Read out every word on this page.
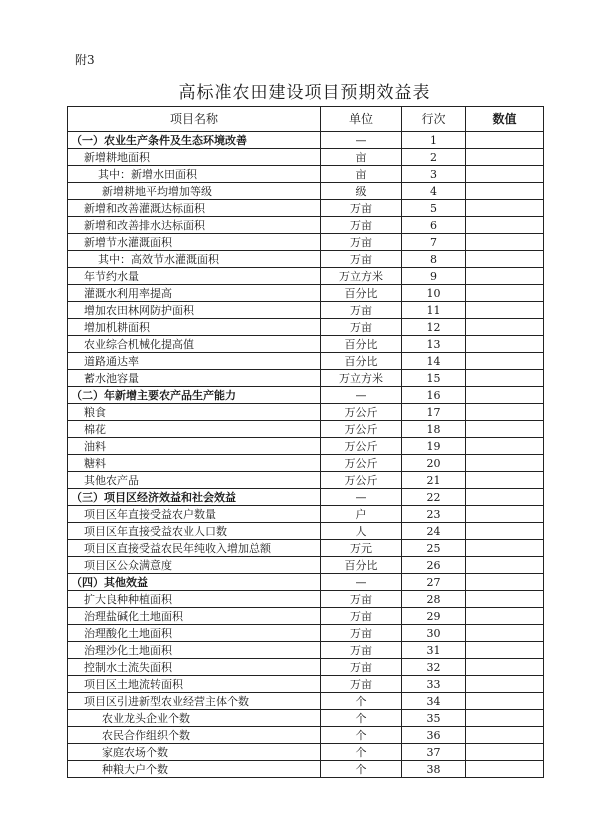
附3
高标准农田建设项目预期效益表
项目名称	单位	行次	数值
（一）农业生产条件及生态环境改善	—	1	
新增耕地面积	亩	2	
其中：新增水田面积	亩	3	
新增耕地平均增加等级	级	4	
新增和改善灌溉达标面积	万亩	5	
新增和改善排水达标面积	万亩	6	
新增节水灌溉面积	万亩	7	
其中：高效节水灌溉面积	万亩	8	
年节约水量	万立方米	9	
灌溉水利用率提高	百分比	10	
增加农田林网防护面积	万亩	11	
增加机耕面积	万亩	12	
农业综合机械化提高值	百分比	13	
道路通达率	百分比	14	
蓄水池容量	万立方米	15	
（二）年新增主要农产品生产能力	—	16	
粮食	万公斤	17	
棉花	万公斤	18	
油料	万公斤	19	
糖料	万公斤	20	
其他农产品	万公斤	21	
（三）项目区经济效益和社会效益	—	22	
项目区年直接受益农户数量	户	23	
项目区年直接受益农业人口数	人	24	
项目区直接受益农民年纯收入增加总额	万元	25	
项目区公众满意度	百分比	26	
（四）其他效益	—	27	
扩大良种种植面积	万亩	28	
治理盐碱化土地面积	万亩	29	
治理酸化土地面积	万亩	30	
治理沙化土地面积	万亩	31	
控制水土流失面积	万亩	32	
项目区土地流转面积	万亩	33	
项目区引进新型农业经营主体个数	个	34	
农业龙头企业个数	个	35	
农民合作组织个数	个	36	
家庭农场个数	个	37	
种粮大户个数	个	38	
